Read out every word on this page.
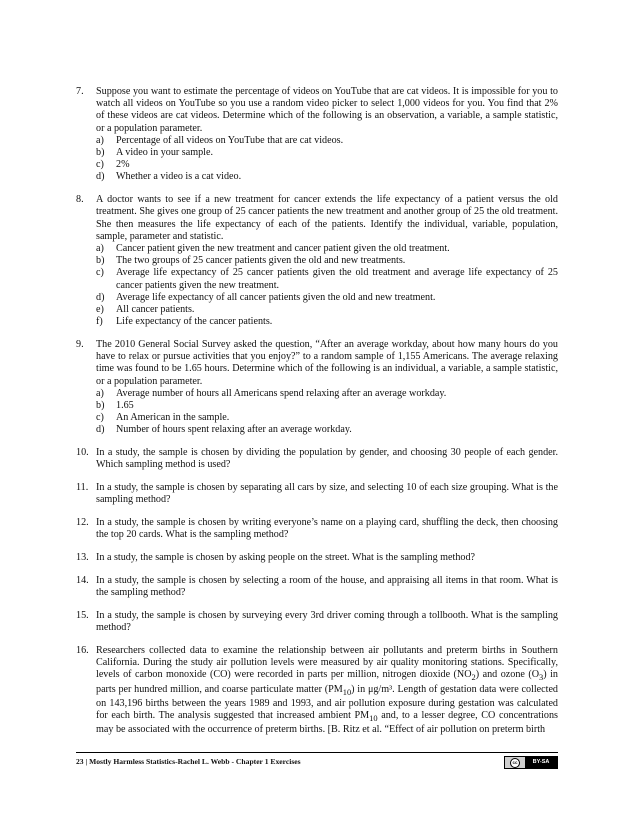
7. Suppose you want to estimate the percentage of videos on YouTube that are cat videos. It is impossible for you to watch all videos on YouTube so you use a random video picker to select 1,000 videos for you. You find that 2% of these videos are cat videos. Determine which of the following is an observation, a variable, a sample statistic, or a population parameter.
a) Percentage of all videos on YouTube that are cat videos.
b) A video in your sample.
c) 2%
d) Whether a video is a cat video.
8. A doctor wants to see if a new treatment for cancer extends the life expectancy of a patient versus the old treatment. She gives one group of 25 cancer patients the new treatment and another group of 25 the old treatment. She then measures the life expectancy of each of the patients. Identify the individual, variable, population, sample, parameter and statistic.
a) Cancer patient given the new treatment and cancer patient given the old treatment.
b) The two groups of 25 cancer patients given the old and new treatments.
c) Average life expectancy of 25 cancer patients given the old treatment and average life expectancy of 25 cancer patients given the new treatment.
d) Average life expectancy of all cancer patients given the old and new treatment.
e) All cancer patients.
f) Life expectancy of the cancer patients.
9. The 2010 General Social Survey asked the question, “After an average workday, about how many hours do you have to relax or pursue activities that you enjoy?” to a random sample of 1,155 Americans. The average relaxing time was found to be 1.65 hours. Determine which of the following is an individual, a variable, a sample statistic, or a population parameter.
a) Average number of hours all Americans spend relaxing after an average workday.
b) 1.65
c) An American in the sample.
d) Number of hours spent relaxing after an average workday.
10. In a study, the sample is chosen by dividing the population by gender, and choosing 30 people of each gender. Which sampling method is used?
11. In a study, the sample is chosen by separating all cars by size, and selecting 10 of each size grouping. What is the sampling method?
12. In a study, the sample is chosen by writing everyone’s name on a playing card, shuffling the deck, then choosing the top 20 cards. What is the sampling method?
13. In a study, the sample is chosen by asking people on the street. What is the sampling method?
14. In a study, the sample is chosen by selecting a room of the house, and appraising all items in that room. What is the sampling method?
15. In a study, the sample is chosen by surveying every 3rd driver coming through a tollbooth. What is the sampling method?
16. Researchers collected data to examine the relationship between air pollutants and preterm births in Southern California. During the study air pollution levels were measured by air quality monitoring stations. Specifically, levels of carbon monoxide (CO) were recorded in parts per million, nitrogen dioxide $(NO_2)$ and ozone $(O_3)$ in parts per hundred million, and coarse particulate matter $(PM_{10})$ in μg/m³. Length of gestation data were collected on 143,196 births between the years 1989 and 1993, and air pollution exposure during gestation was calculated for each birth. The analysis suggested that increased ambient $PM_{10}$ and, to a lesser degree, CO concentrations may be associated with the occurrence of preterm births. [B. Ritz et al. “Effect of air pollution on preterm birth
23 | Mostly Harmless Statistics-Rachel L. Webb - Chapter 1 Exercises	cc	BY-SA
